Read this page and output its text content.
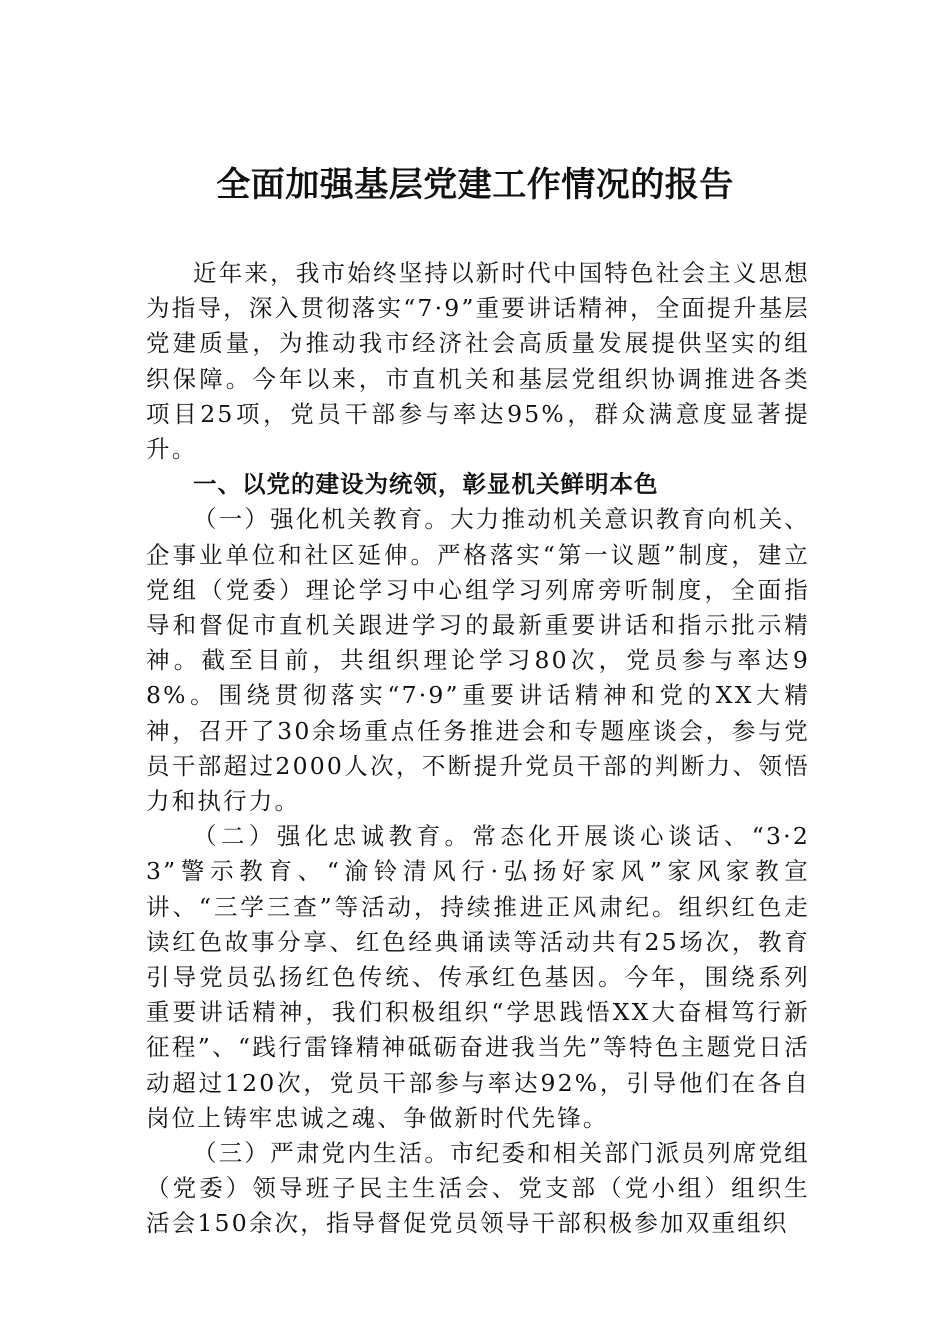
全面加强基层党建工作情况的报告

近年来，我市始终坚持以新时代中国特色社会主义思想为指导，深入贯彻落实“7·9”重要讲话精神，全面提升基层党建质量，为推动我市经济社会高质量发展提供坚实的组织保障。今年以来，市直机关和基层党组织协调推进各类项目25项，党员干部参与率达95%，群众满意度显著提升。

一、以党的建设为统领，彰显机关鲜明本色

（一）强化机关教育。大力推动机关意识教育向机关、企事业单位和社区延伸。严格落实“第一议题”制度，建立党组（党委）理论学习中心组学习列席旁听制度，全面指导和督促市直机关跟进学习的最新重要讲话和指示批示精神。截至目前，共组织理论学习80次，党员参与率达98%。围绕贯彻落实“7·9”重要讲话精神和党的XX大精神，召开了30余场重点任务推进会和专题座谈会，参与党员干部超过2000人次，不断提升党员干部的判断力、领悟力和执行力。

（二）强化忠诚教育。常态化开展谈心谈话、“3·23”警示教育、“渝铃清风行·弘扬好家风”家风家教宣讲、“三学三查”等活动，持续推进正风肃纪。组织红色走读红色故事分享、红色经典诵读等活动共有25场次，教育引导党员弘扬红色传统、传承红色基因。今年，围绕系列重要讲话精神，我们积极组织“学思践悟XX大奋楫笃行新征程”、“践行雷锋精神砥砺奋进我当先”等特色主题党日活动超过120次，党员干部参与率达92%，引导他们在各自岗位上铸牢忠诚之魂、争做新时代先锋。

（三）严肃党内生活。市纪委和相关部门派员列席党组（党委）领导班子民主生活会、党支部（党小组）组织生活会150余次，指导督促党员领导干部积极参加双重组织
